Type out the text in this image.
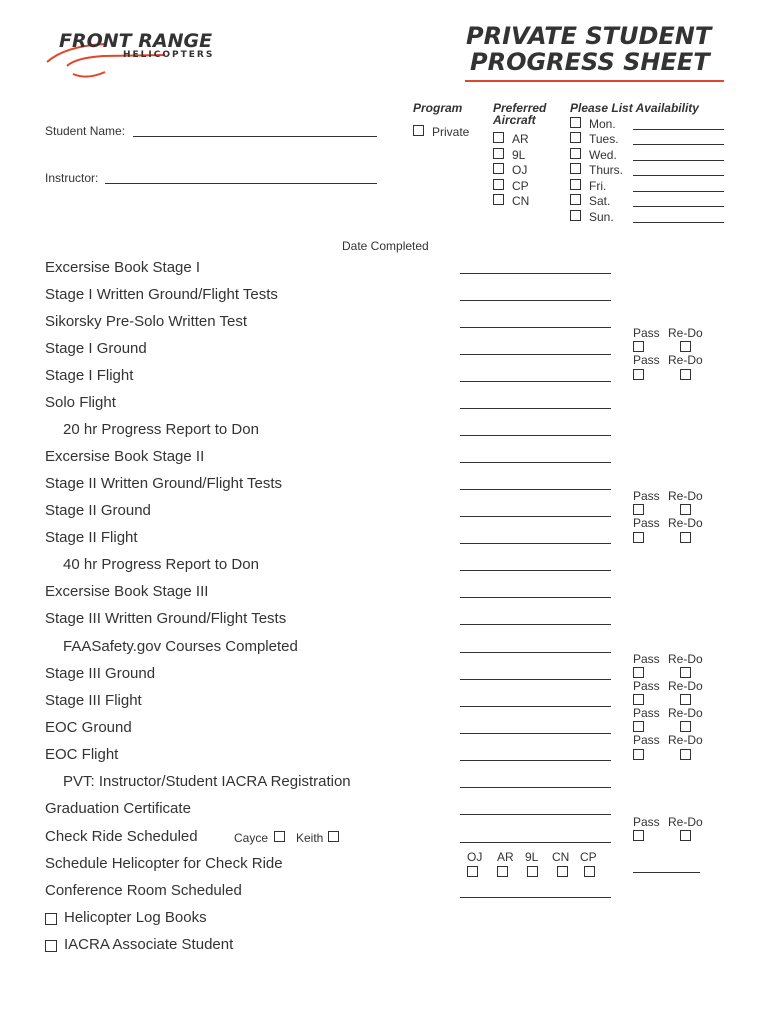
FRONT RANGE
HELICOPTERS
PRIVATE STUDENT
PROGRESS SHEET
Student Name:
Instructor:
Program
Private
Preferred
Aircraft
AR
9L
OJ
CP
CN
Please List Availability
Mon.
Tues.
Wed.
Thurs.
Fri.
Sat.
Sun.
Date Completed
Excersise Book Stage I
Stage I Written Ground/Flight Tests
Sikorsky Pre-Solo Written Test
Stage I Ground
Stage I Flight
Solo Flight
20 hr Progress Report to Don
Excersise Book Stage II
Stage II Written Ground/Flight Tests
Stage II Ground
Stage II Flight
40 hr Progress Report to Don
Excersise Book Stage III
Stage III Written Ground/Flight Tests
FAASafety.gov Courses Completed
Stage III Ground
Stage III Flight
EOC Ground
EOC Flight
PVT: Instructor/Student IACRA Registration
Graduation Certificate
Check Ride Scheduled
Schedule Helicopter for Check Ride
Conference Room Scheduled
Helicopter Log Books
IACRA Associate Student
Cayce Keith
OJ AR 9L CN CP
Pass Re-Do
Pass Re-Do
Pass Re-Do
Pass Re-Do
Pass Re-Do
Pass Re-Do
Pass Re-Do
Pass Re-Do
Pass Re-Do
